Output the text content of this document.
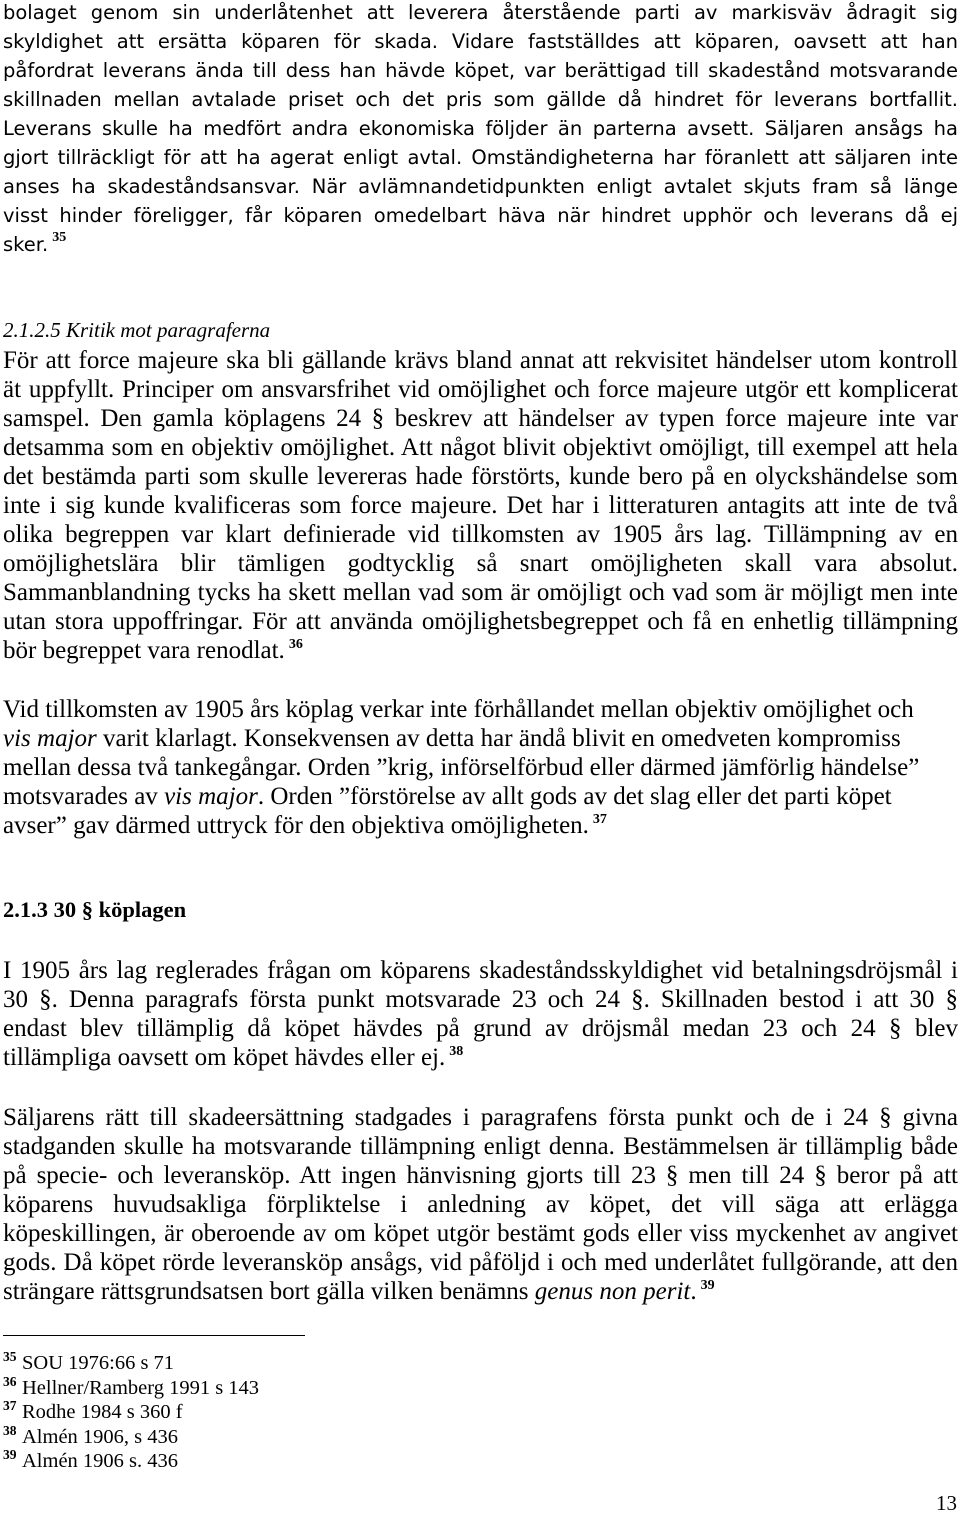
bolaget genom sin underlåtenhet att leverera återstående parti av markisväv ådragit sig
skyldighet att ersätta köparen för skada. Vidare fastställdes att köparen, oavsett att han
påfordrat leverans ända till dess han hävde köpet, var berättigad till skadestånd motsvarande
skillnaden mellan avtalade priset och det pris som gällde då hindret för leverans bortfallit.
Leverans skulle ha medfört andra ekonomiska följder än parterna avsett. Säljaren ansågs ha
gjort tillräckligt för att ha agerat enligt avtal. Omständigheterna har föranlett att säljaren inte
anses ha skadeståndsansvar. När avlämnandetidpunkten enligt avtalet skjuts fram så länge
visst hinder föreligger, får köparen omedelbart häva när hindret upphör och leverans då ej
sker. $^{35}$
2.1.2.5 Kritik mot paragraferna
För att force majeure ska bli gällande krävs bland annat att rekvisitet händelser utom kontroll
ät uppfyllt. Principer om ansvarsfrihet vid omöjlighet och force majeure utgör ett komplicerat
samspel. Den gamla köplagens 24 § beskrev att händelser av typen force majeure inte var
detsamma som en objektiv omöjlighet. Att något blivit objektivt omöjligt, till exempel att hela
det bestämda parti som skulle levereras hade förstörts, kunde bero på en olyckshändelse som
inte i sig kunde kvalificeras som force majeure. Det har i litteraturen antagits att inte de två
olika begreppen var klart definierade vid tillkomsten av 1905 års lag. Tillämpning av en
omöjlighetslära blir tämligen godtycklig så snart omöjligheten skall vara absolut.
Sammanblandning tycks ha skett mellan vad som är omöjligt och vad som är möjligt men inte
utan stora uppoffringar. För att använda omöjlighetsbegreppet och få en enhetlig tillämpning
bör begreppet vara renodlat. $^{36}$
Vid tillkomsten av 1905 års köplag verkar inte förhållandet mellan objektiv omöjlighet och
vis major varit klarlagt. Konsekvensen av detta har ändå blivit en omedveten kompromiss
mellan dessa två tankegångar. Orden ”krig, införselförbud eller därmed jämförlig händelse”
motsvarades av vis major. Orden ”förstörelse av allt gods av det slag eller det parti köpet
avser” gav därmed uttryck för den objektiva omöjligheten. $^{37}$
2.1.3 30 § köplagen
I 1905 års lag reglerades frågan om köparens skadeståndsskyldighet vid betalningsdröjsmål i
30 §. Denna paragrafs första punkt motsvarade 23 och 24 §. Skillnaden bestod i att 30 §
endast blev tillämplig då köpet hävdes på grund av dröjsmål medan 23 och 24 § blev
tillämpliga oavsett om köpet hävdes eller ej. $^{38}$
Säljarens rätt till skadeersättning stadgades i paragrafens första punkt och de i 24 § givna
stadganden skulle ha motsvarande tillämpning enligt denna. Bestämmelsen är tillämplig både
på specie- och leveransköp. Att ingen hänvisning gjorts till 23 § men till 24 § beror på att
köparens huvudsakliga förpliktelse i anledning av köpet, det vill säga att erlägga
köpeskillingen, är oberoende av om köpet utgör bestämt gods eller viss myckenhet av angivet
gods. Då köpet rörde leveransköp ansågs, vid påföljd i och med underlåtet fullgörande, att den
strängare rättsgrundsatsen bort gälla vilken benämns genus non perit. $^{39}$
35 SOU 1976:66 s 71
36 Hellner/Ramberg 1991 s 143
37 Rodhe 1984 s 360 f
38 Almén 1906, s 436
39 Almén 1906 s. 436
13
